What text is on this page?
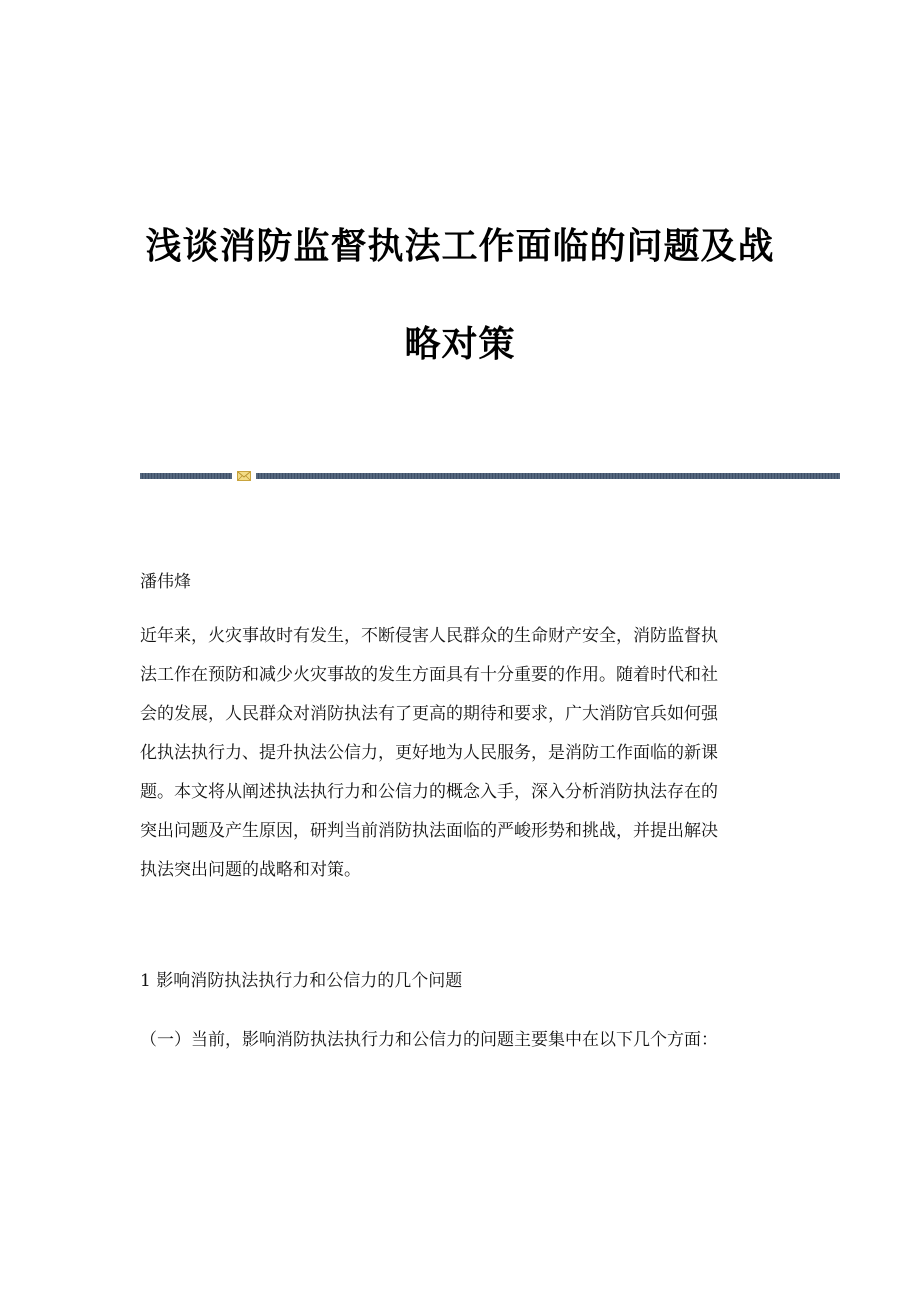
浅谈消防监督执法工作面临的问题及战
略对策
潘伟烽
近年来，火灾事故时有发生，不断侵害人民群众的生命财产安全，消防监督执
法工作在预防和减少火灾事故的发生方面具有十分重要的作用。随着时代和社
会的发展，人民群众对消防执法有了更高的期待和要求，广大消防官兵如何强
化执法执行力、提升执法公信力，更好地为人民服务，是消防工作面临的新课
题。本文将从阐述执法执行力和公信力的概念入手，深入分析消防执法存在的
突出问题及产生原因，研判当前消防执法面临的严峻形势和挑战，并提出解决
执法突出问题的战略和对策。
1 影响消防执法执行力和公信力的几个问题
（一）当前，影响消防执法执行力和公信力的问题主要集中在以下几个方面：
